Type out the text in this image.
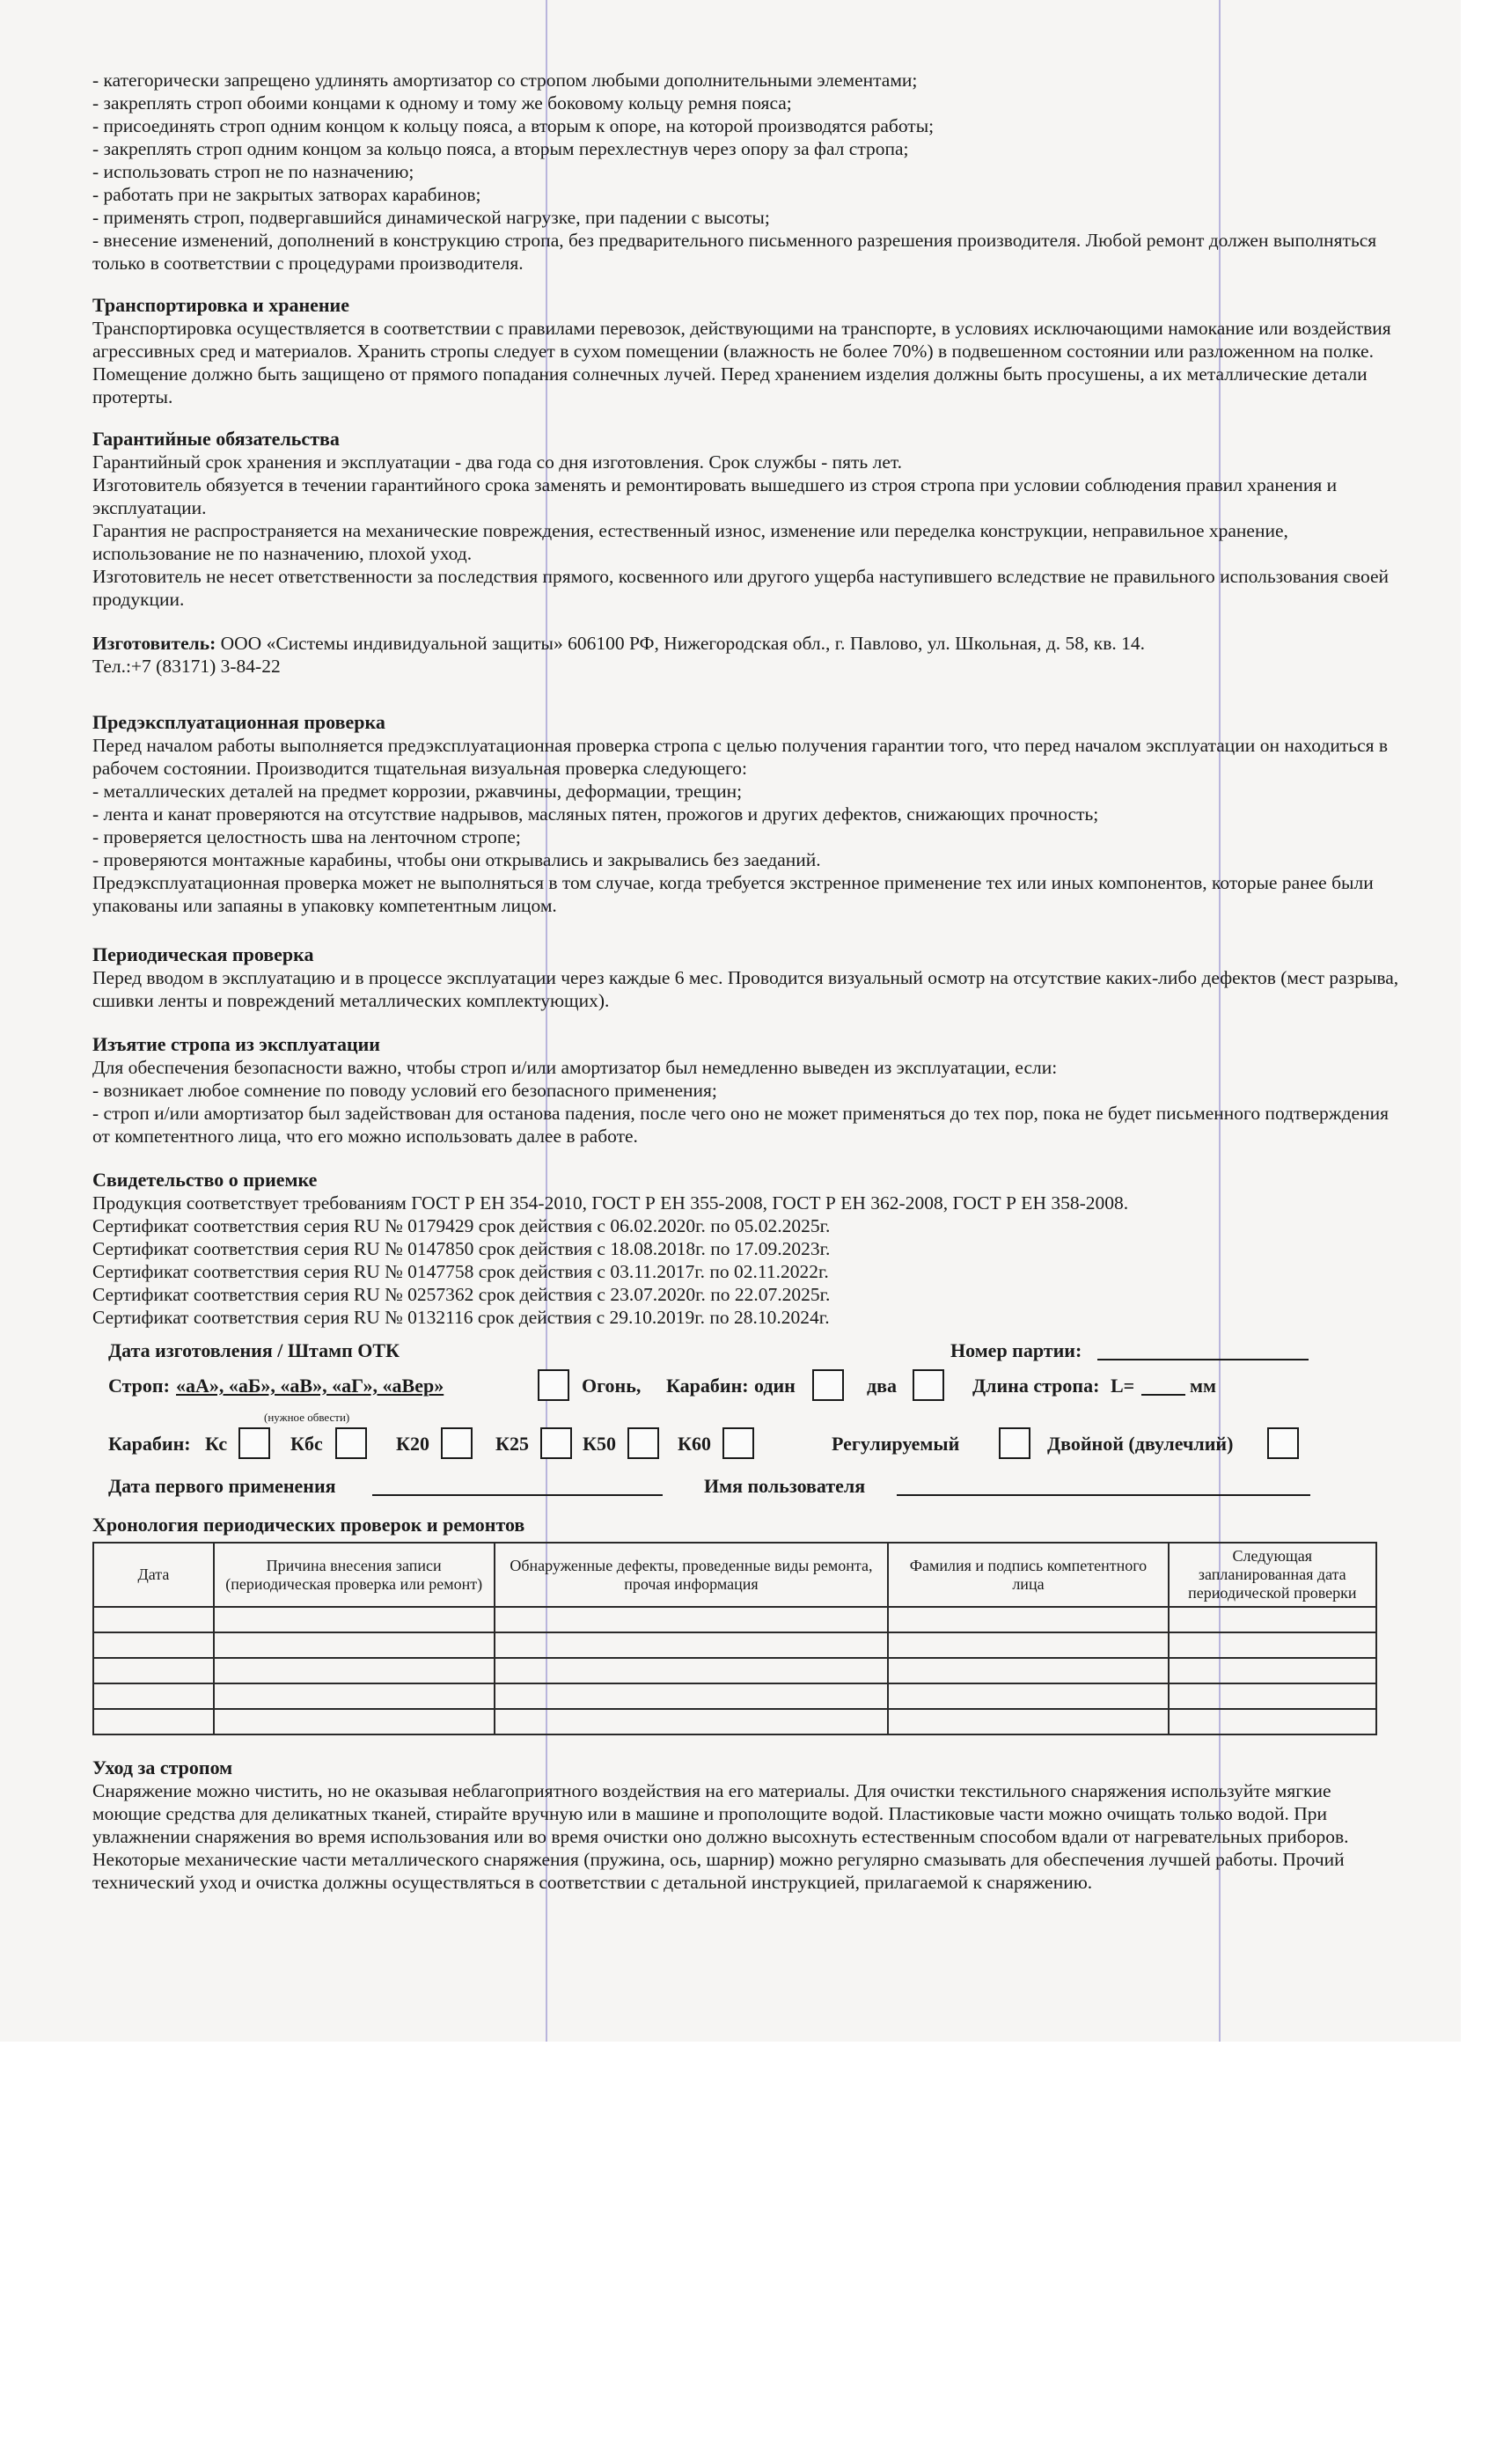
- категорически запрещено удлинять амортизатор со стропом любыми дополнительными элементами;

- закреплять строп обоими концами к одному и тому же боковому кольцу ремня пояса;

- присоединять строп одним концом к кольцу пояса, а вторым к опоре, на которой производятся работы;

- закреплять строп одним концом за кольцо пояса, а вторым перехлестнув через опору за фал стропа;

- использовать строп не по назначению;

- работать при не закрытых затворах карабинов;

- применять строп, подвергавшийся динамической нагрузке, при падении с высоты;

- внесение изменений, дополнений в конструкцию стропа, без предварительного письменного разрешения производителя. Любой ремонт должен выполняться только в соответствии с процедурами производителя.

Транспортировка и хранение

Транспортировка осуществляется в соответствии с правилами перевозок, действующими на транспорте, в условиях исключающими намокание или воздействия агрессивных сред и материалов. Хранить стропы следует в сухом помещении (влажность не более 70%) в подвешенном состоянии или разложенном на полке. Помещение должно быть защищено от прямого попадания солнечных лучей. Перед хранением изделия должны быть просушены, а их металлические детали протерты.

Гарантийные обязательства

Гарантийный срок хранения и эксплуатации - два года со дня изготовления. Срок службы - пять лет.

Изготовитель обязуется в течении гарантийного срока заменять и ремонтировать вышедшего из строя стропа при условии соблюдения правил хранения и эксплуатации.

Гарантия не распространяется на механические повреждения, естественный износ, изменение или переделка конструкции, неправильное хранение, использование не по назначению, плохой уход.

Изготовитель не несет ответственности за последствия прямого, косвенного или другого ущерба наступившего вследствие не правильного использования своей продукции.

Изготовитель: ООО «Системы индивидуальной защиты» 606100 РФ, Нижегородская обл., г. Павлово, ул. Школьная, д. 58, кв. 14.

Тел.:+7 (83171) 3-84-22

Предэксплуатационная проверка

Перед началом работы выполняется предэксплуатационная проверка стропа с целью получения гарантии того, что перед началом эксплуатации он находиться в рабочем состоянии. Производится тщательная визуальная проверка следующего:

- металлических деталей на предмет коррозии, ржавчины, деформации, трещин;

- лента и канат проверяются на отсутствие надрывов, масляных пятен, прожогов и других дефектов, снижающих прочность;

- проверяется целостность шва на ленточном стропе;

- проверяются монтажные карабины, чтобы они открывались и закрывались без заеданий.

Предэксплуатационная проверка может не выполняться в том случае, когда требуется экстренное применение тех или иных компонентов, которые ранее были упакованы или запаяны в упаковку компетентным лицом.

Периодическая проверка

Перед вводом в эксплуатацию и в процессе эксплуатации через каждые 6 мес. Проводится визуальный осмотр на отсутствие каких-либо дефектов (мест разрыва, сшивки ленты и повреждений металлических комплектующих).

Изъятие стропа из эксплуатации

Для обеспечения безопасности важно, чтобы строп и/или амортизатор был немедленно выведен из эксплуатации, если:

- возникает любое сомнение по поводу условий его безопасного применения;

- строп и/или амортизатор был задействован для останова падения, после чего оно не может применяться до тех пор, пока не будет письменного подтверждения от компетентного лица, что его можно использовать далее в работе.

Свидетельство о приемке

Продукция соответствует требованиям ГОСТ Р ЕН 354-2010, ГОСТ Р ЕН 355-2008, ГОСТ Р ЕН 362-2008, ГОСТ Р ЕН 358-2008.

Сертификат соответствия серия RU № 0179429 срок действия с 06.02.2020г. по 05.02.2025г.

Сертификат соответствия серия RU № 0147850 срок действия с 18.08.2018г. по 17.09.2023г.

Сертификат соответствия серия RU № 0147758 срок действия с 03.11.2017г. по 02.11.2022г.

Сертификат соответствия серия RU № 0257362 срок действия с 23.07.2020г. по 22.07.2025г.

Сертификат соответствия серия RU № 0132116 срок действия с 29.10.2019г. по 28.10.2024г.

Дата изготовления / Штамп ОТК	Номер партии:
Строп: «аА», «аБ», «аВ», «аГ», «аВер»	Огонь, Карабин: один	два	Длина стропа: L=	мм
(нужное обвести)
Карабин:	Регулируемый	Двойной (двулечлий)
Кс	Кбс	К20	К25	К50	К60
Дата первого применения	Имя пользователя

Хронология периодических проверок и ремонтов

Дата	Причина внесения записи (периодическая проверка или ремонт)	Обнаруженные дефекты, проведенные виды ремонта, прочая информация	Фамилия и подпись компетентного лица	Следующая запланированная дата периодической проверки

Уход за стропом

Снаряжение можно чистить, но не оказывая неблагоприятного воздействия на его материалы. Для очистки текстильного снаряжения используйте мягкие моющие средства для деликатных тканей, стирайте вручную или в машине и прополощите водой. Пластиковые части можно очищать только водой. При увлажнении снаряжения во время использования или во время очистки оно должно высохнуть естественным способом вдали от нагревательных приборов. Некоторые механические части металлического снаряжения (пружина, ось, шарнир) можно регулярно смазывать для обеспечения лучшей работы. Прочий технический уход и очистка должны осуществляться в соответствии с детальной инструкцией, прилагаемой к снаряжению.
